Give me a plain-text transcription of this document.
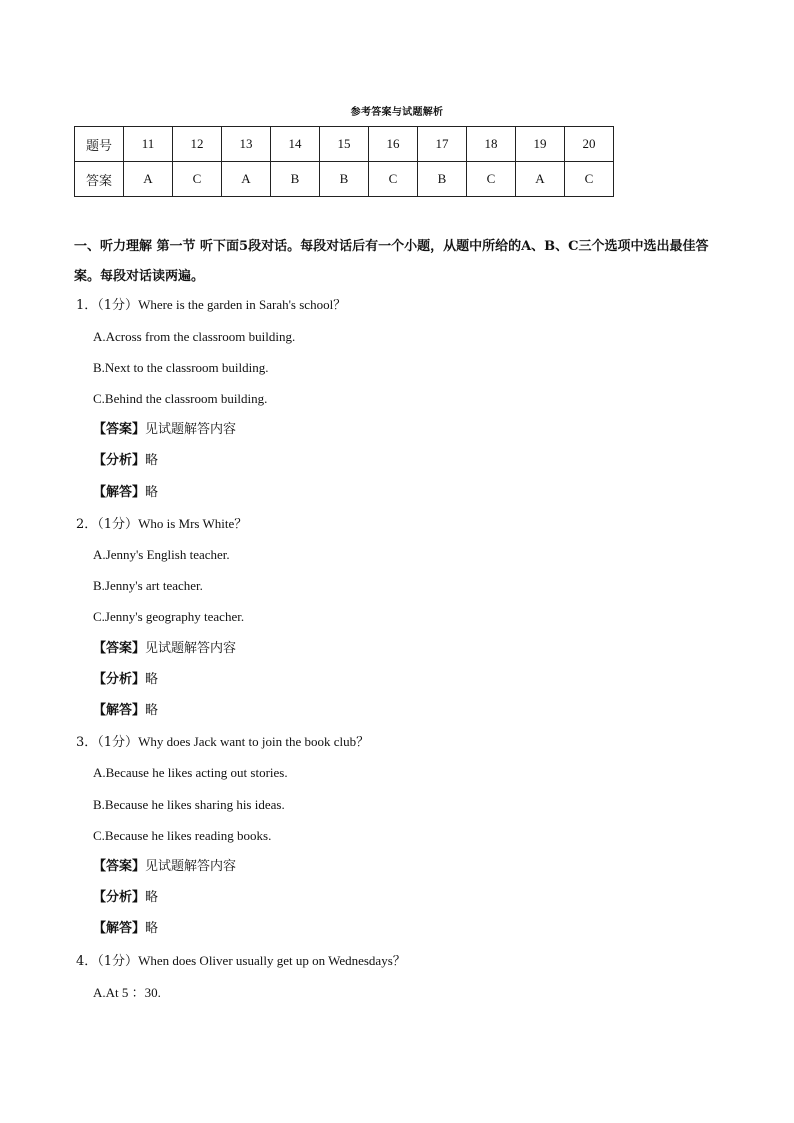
参考答案与试题解析
题号	11	12	13	14	15	16	17	18	19	20
答案	A	C	A	B	B	C	B	C	A	C
一、听力理解 第一节 听下面5段对话。每段对话后有一个小题，从题中所给的A、B、C三个选项中选出最佳答案。每段对话读两遍。
1．（1分）Where is the garden in Sarah's school？
A.Across from the classroom building.
B.Next to the classroom building.
C.Behind the classroom building.
【答案】见试题解答内容
【分析】略
【解答】略
2．（1分）Who is Mrs White？
A.Jenny's English teacher.
B.Jenny's art teacher.
C.Jenny's geography teacher.
【答案】见试题解答内容
【分析】略
【解答】略
3．（1分）Why does Jack want to join the book club？
A.Because he likes acting out stories.
B.Because he likes sharing his ideas.
C.Because he likes reading books.
【答案】见试题解答内容
【分析】略
【解答】略
4．（1分）When does Oliver usually get up on Wednesdays？
A.At 5 ：30.
